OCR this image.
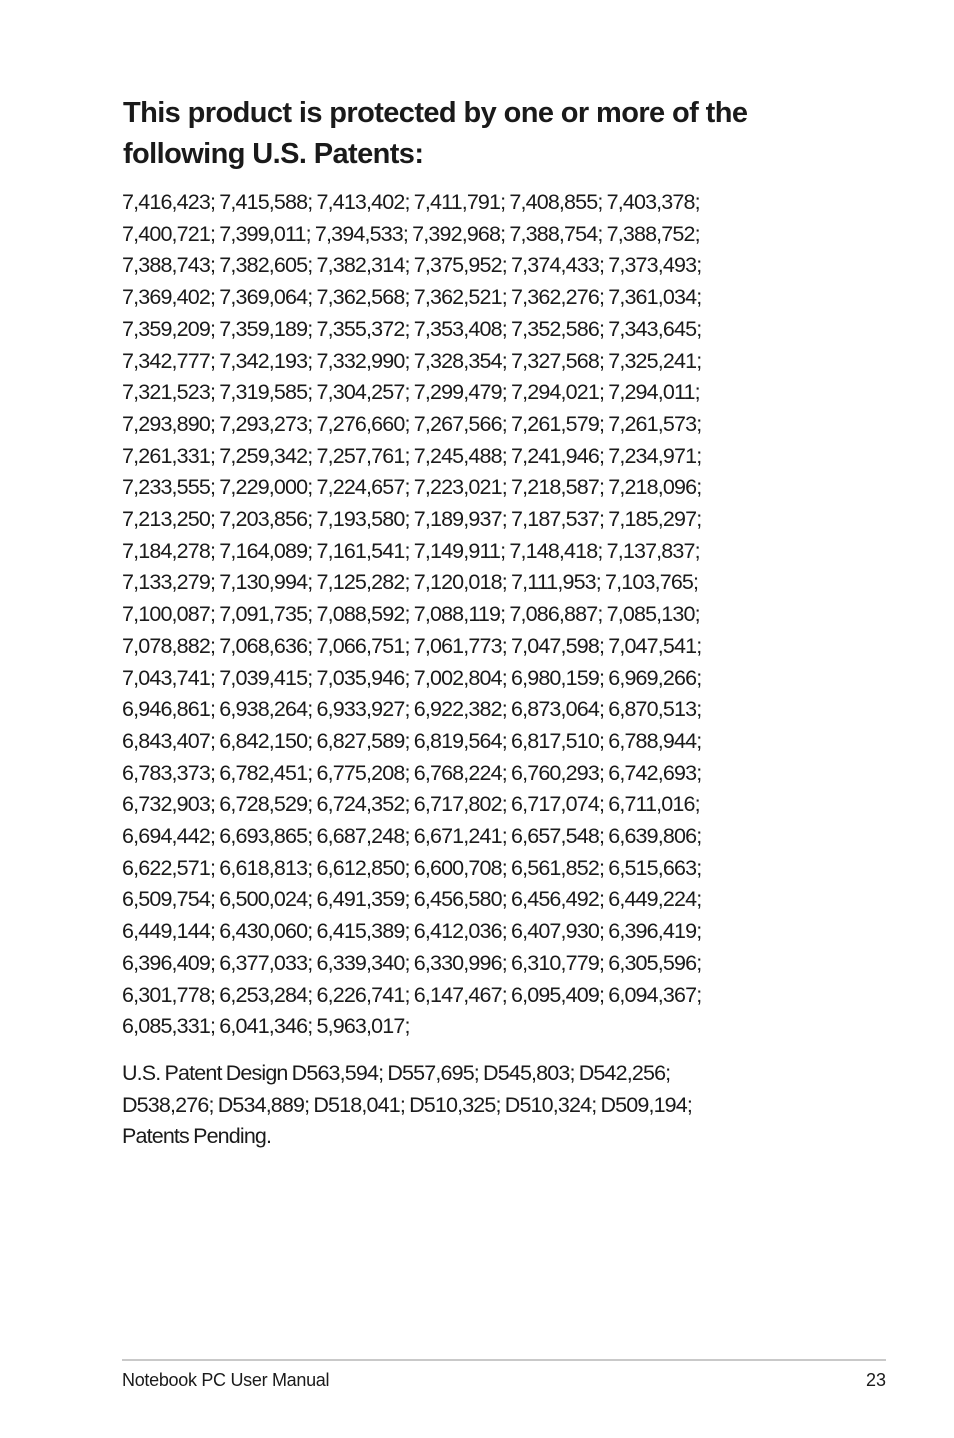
This product is protected by one or more of the
following U.S. Patents:
7,416,423; 7,415,588; 7,413,402; 7,411,791; 7,408,855; 7,403,378;
7,400,721; 7,399,011; 7,394,533; 7,392,968; 7,388,754; 7,388,752;
7,388,743; 7,382,605; 7,382,314; 7,375,952; 7,374,433; 7,373,493;
7,369,402; 7,369,064; 7,362,568; 7,362,521; 7,362,276; 7,361,034;
7,359,209; 7,359,189; 7,355,372; 7,353,408; 7,352,586; 7,343,645;
7,342,777; 7,342,193; 7,332,990; 7,328,354; 7,327,568; 7,325,241;
7,321,523; 7,319,585; 7,304,257; 7,299,479; 7,294,021; 7,294,011;
7,293,890; 7,293,273; 7,276,660; 7,267,566; 7,261,579; 7,261,573;
7,261,331; 7,259,342; 7,257,761; 7,245,488; 7,241,946; 7,234,971;
7,233,555; 7,229,000; 7,224,657; 7,223,021; 7,218,587; 7,218,096;
7,213,250; 7,203,856; 7,193,580; 7,189,937; 7,187,537; 7,185,297;
7,184,278; 7,164,089; 7,161,541; 7,149,911; 7,148,418; 7,137,837;
7,133,279; 7,130,994; 7,125,282; 7,120,018; 7,111,953; 7,103,765;
7,100,087; 7,091,735; 7,088,592; 7,088,119; 7,086,887; 7,085,130;
7,078,882; 7,068,636; 7,066,751; 7,061,773; 7,047,598; 7,047,541;
7,043,741; 7,039,415; 7,035,946; 7,002,804; 6,980,159; 6,969,266;
6,946,861; 6,938,264; 6,933,927; 6,922,382; 6,873,064; 6,870,513;
6,843,407; 6,842,150; 6,827,589; 6,819,564; 6,817,510; 6,788,944;
6,783,373; 6,782,451; 6,775,208; 6,768,224; 6,760,293; 6,742,693;
6,732,903; 6,728,529; 6,724,352; 6,717,802; 6,717,074; 6,711,016;
6,694,442; 6,693,865; 6,687,248; 6,671,241; 6,657,548; 6,639,806;
6,622,571; 6,618,813; 6,612,850; 6,600,708; 6,561,852; 6,515,663;
6,509,754; 6,500,024; 6,491,359; 6,456,580; 6,456,492; 6,449,224;
6,449,144; 6,430,060; 6,415,389; 6,412,036; 6,407,930; 6,396,419;
6,396,409; 6,377,033; 6,339,340; 6,330,996; 6,310,779; 6,305,596;
6,301,778; 6,253,284; 6,226,741; 6,147,467; 6,095,409; 6,094,367;
6,085,331; 6,041,346; 5,963,017;
U.S. Patent Design D563,594; D557,695; D545,803; D542,256;
D538,276; D534,889; D518,041; D510,325; D510,324; D509,194;
Patents Pending.
Notebook PC User Manual	23
